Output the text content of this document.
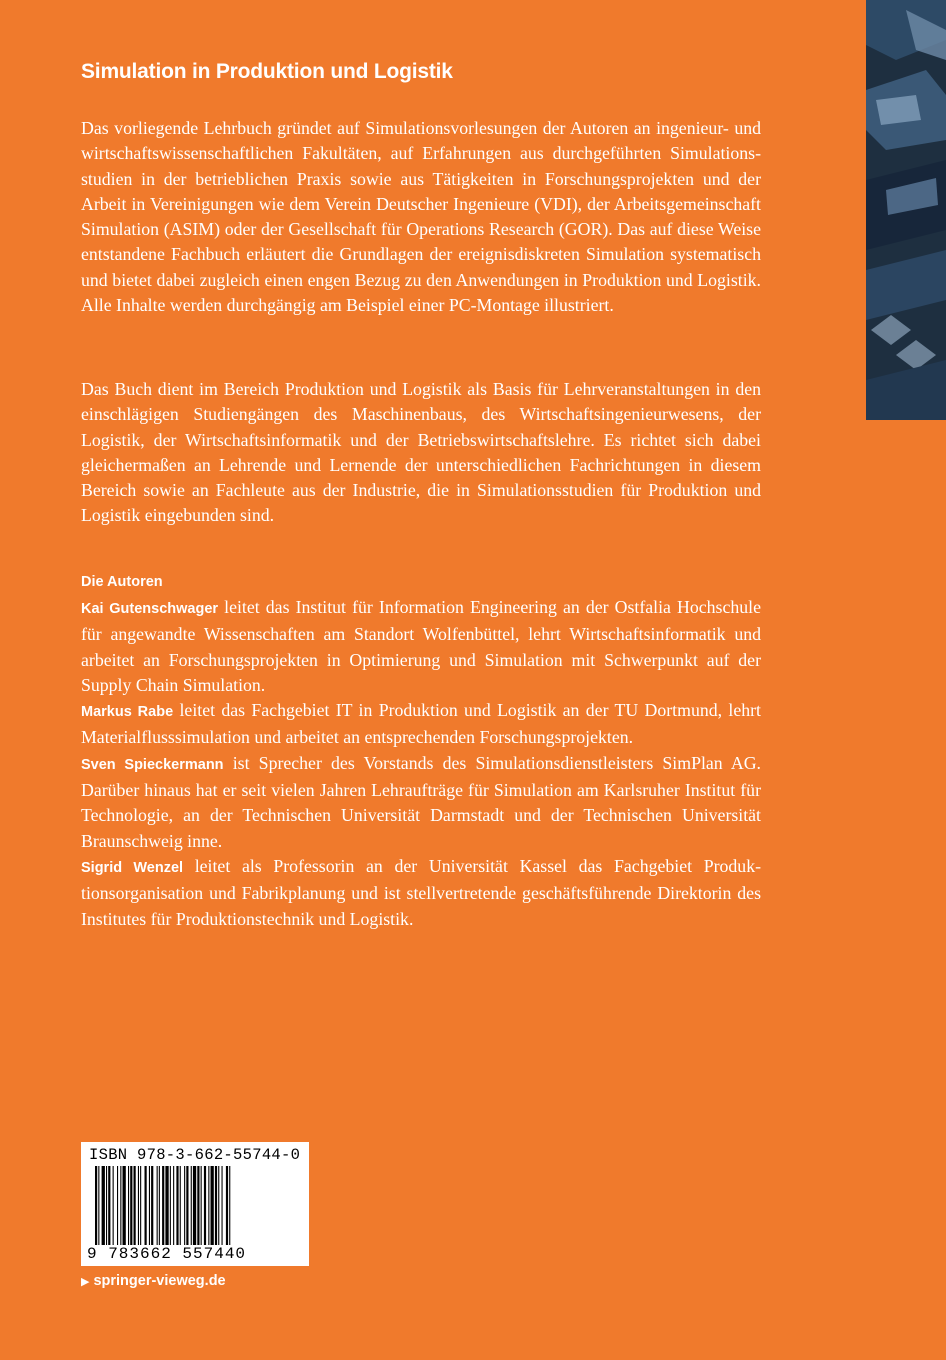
Simulation in Produktion und Logistik

Das vorliegende Lehrbuch gründet auf Simulationsvorlesungen der Autoren an ingenieur- und wirtschaftswissenschaftlichen Fakultäten, auf Erfahrungen aus durchgeführten Simulations-studien in der betrieblichen Praxis sowie aus Tätigkeiten in Forschungsprojekten und der Arbeit in Vereinigungen wie dem Verein Deutscher Ingenieure (VDI), der Arbeitsgemeinschaft Simulation (ASIM) oder der Gesellschaft für Operations Research (GOR). Das auf diese Weise entstandene Fachbuch erläutert die Grundlagen der ereignisdiskreten Simulation systematisch und bietet dabei zugleich einen engen Bezug zu den Anwendungen in Produktion und Logistik. Alle Inhalte werden durchgängig am Beispiel einer PC-Montage illustriert.

Das Buch dient im Bereich Produktion und Logistik als Basis für Lehrveranstaltungen in den einschlägigen Studiengängen des Maschinenbaus, des Wirtschaftsingenieurwesens, der Logistik, der Wirtschaftsinformatik und der Betriebswirtschaftslehre. Es richtet sich dabei gleichermaßen an Lehrende und Lernende der unterschiedlichen Fachrichtungen in diesem Bereich sowie an Fachleute aus der Industrie, die in Simulationsstudien für Produktion und Logistik eingebunden sind.

Die Autoren

Kai Gutenschwager leitet das Institut für Information Engineering an der Ostfalia Hochschule für angewandte Wissenschaften am Standort Wolfenbüttel, lehrt Wirtschaftsinformatik und arbeitet an Forschungsprojekten in Optimierung und Simulation mit Schwerpunkt auf der Supply Chain Simulation.

Markus Rabe leitet das Fachgebiet IT in Produktion und Logistik an der TU Dortmund, lehrt Materialflusssimulation und arbeitet an entsprechenden Forschungsprojekten.

Sven Spieckermann ist Sprecher des Vorstands des Simulationsdienstleisters SimPlan AG. Darüber hinaus hat er seit vielen Jahren Lehraufträge für Simulation am Karlsruher Institut für Technologie, an der Technischen Universität Darmstadt und der Technischen Universität Braunschweig inne.

Sigrid Wenzel leitet als Professorin an der Universität Kassel das Fachgebiet Produktionsorganisation und Fabrikplanung und ist stellvertretende geschäftsführende Direktorin des Institutes für Produktionstechnik und Logistik.

ISBN 978-3-662-55744-0
9 783662 557440
▶ springer-vieweg.de
